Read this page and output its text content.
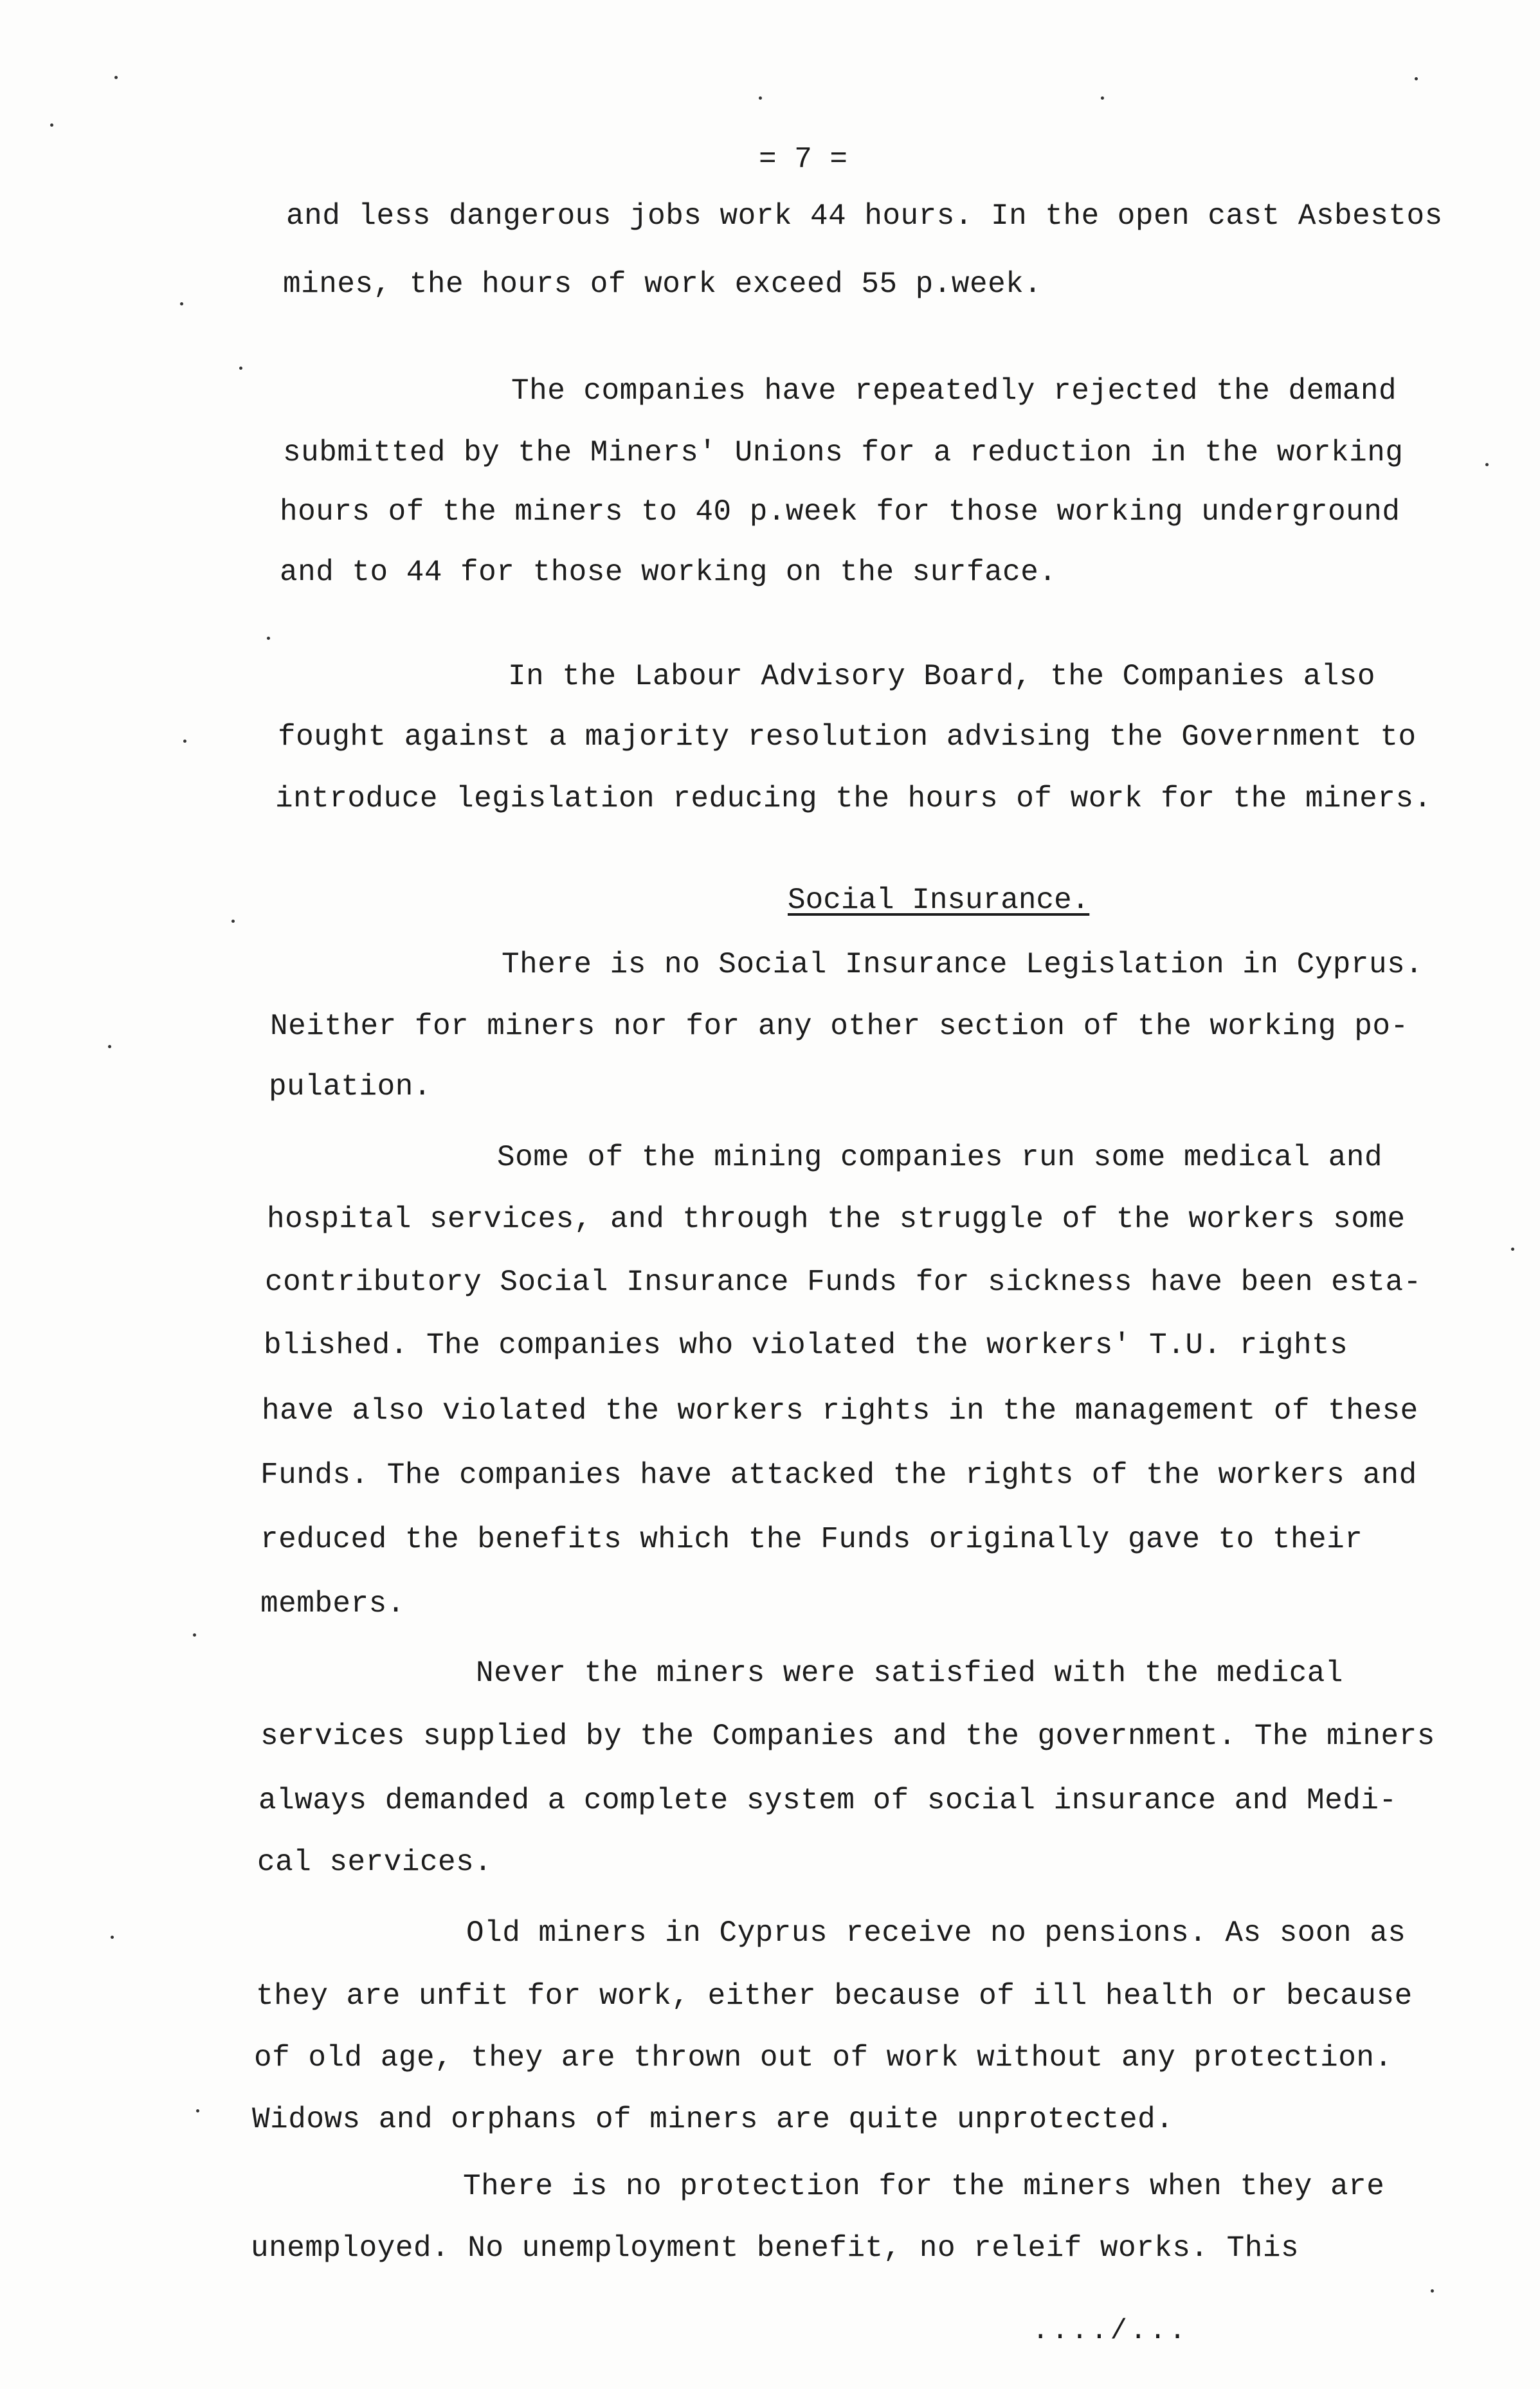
= 7 =
and less dangerous jobs work 44 hours. In the open cast Asbestos
mines, the hours of work exceed 55 p.week.
The companies have repeatedly rejected the demand
submitted by the Miners' Unions for a reduction in the working
hours of the miners to 40 p.week for those working underground
and to 44 for those working on the surface.
In the Labour Advisory Board, the Companies also
fought against a majority resolution advising the Government to
introduce legislation reducing the hours of work for the miners.
Social Insurance.
There is no Social Insurance Legislation in Cyprus.
Neither for miners nor for any other section of the working po-
pulation.
Some of the mining companies run some medical and
hospital services, and through the struggle of the workers some
contributory Social Insurance Funds for sickness have been esta-
blished. The companies who violated the workers' T.U. rights
have also violated the workers rights in the management of these
Funds. The companies have attacked the rights of the workers and
reduced the benefits which the Funds originally gave to their
members.
Never the miners were satisfied with the medical
services supplied by the Companies and the government. The miners
always demanded a complete system of social insurance and Medi-
cal services.
Old miners in Cyprus receive no pensions. As soon as
they are unfit for work, either because of ill health or because
of old age, they are thrown out of work without any protection.
Widows and orphans of miners are quite unprotected.
There is no protection for the miners when they are
unemployed. No unemployment benefit, no releif works. This
..../...
